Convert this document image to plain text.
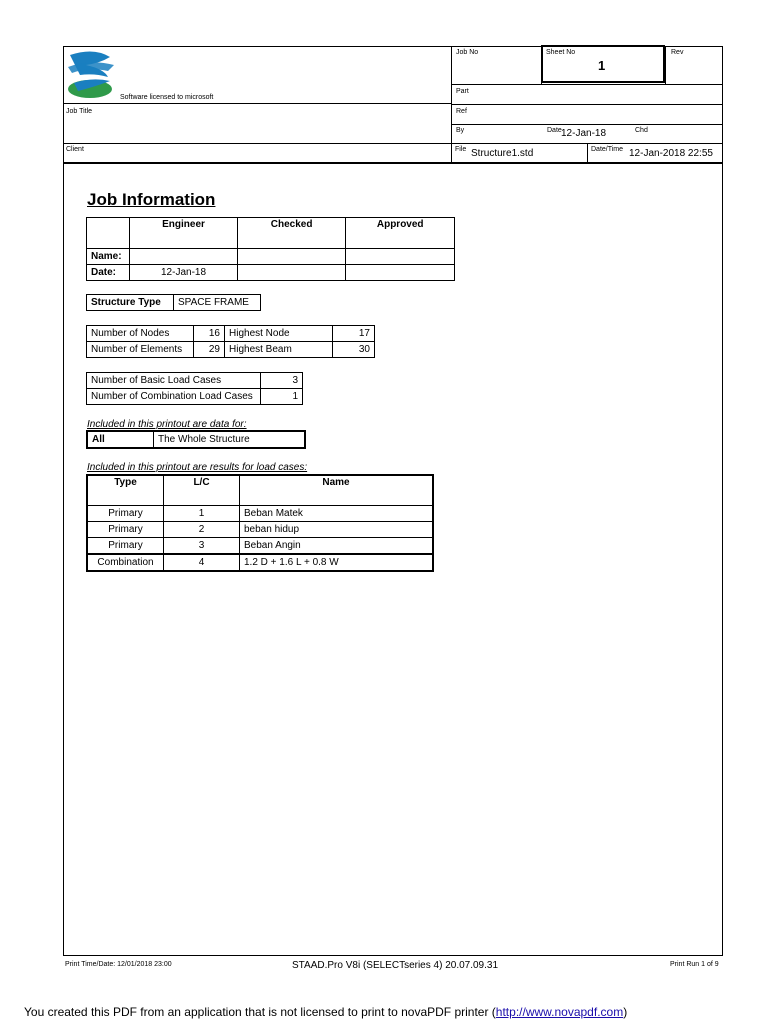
Software licensed to microsoft
Job No	Sheet No
1
Rev
Part
Ref
By	Date 12-Jan-18	Chd
Job Title
Client	File Structure1.std	Date/Time 12-Jan-2018 22:55
Job Information
	Engineer	Checked	Approved
Name:			
Date:	12-Jan-18		
Structure Type	SPACE FRAME
Number of Nodes	16	Highest Node	17
Number of Elements	29	Highest Beam	30
Number of Basic Load Cases	3
Number of Combination Load Cases	1
Included in this printout are data for:
All	The Whole Structure
Included in this printout are results for load cases:
Type	L/C	Name
Primary	1	Beban Matek
Primary	2	beban hidup
Primary	3	Beban Angin
Combination	4	1.2 D + 1.6 L + 0.8 W
Print Time/Date: 12/01/2018 23:00	STAAD.Pro V8i (SELECTseries 4) 20.07.09.31	Print Run 1 of 9
You created this PDF from an application that is not licensed to print to novaPDF printer (http://www.novapdf.com)
